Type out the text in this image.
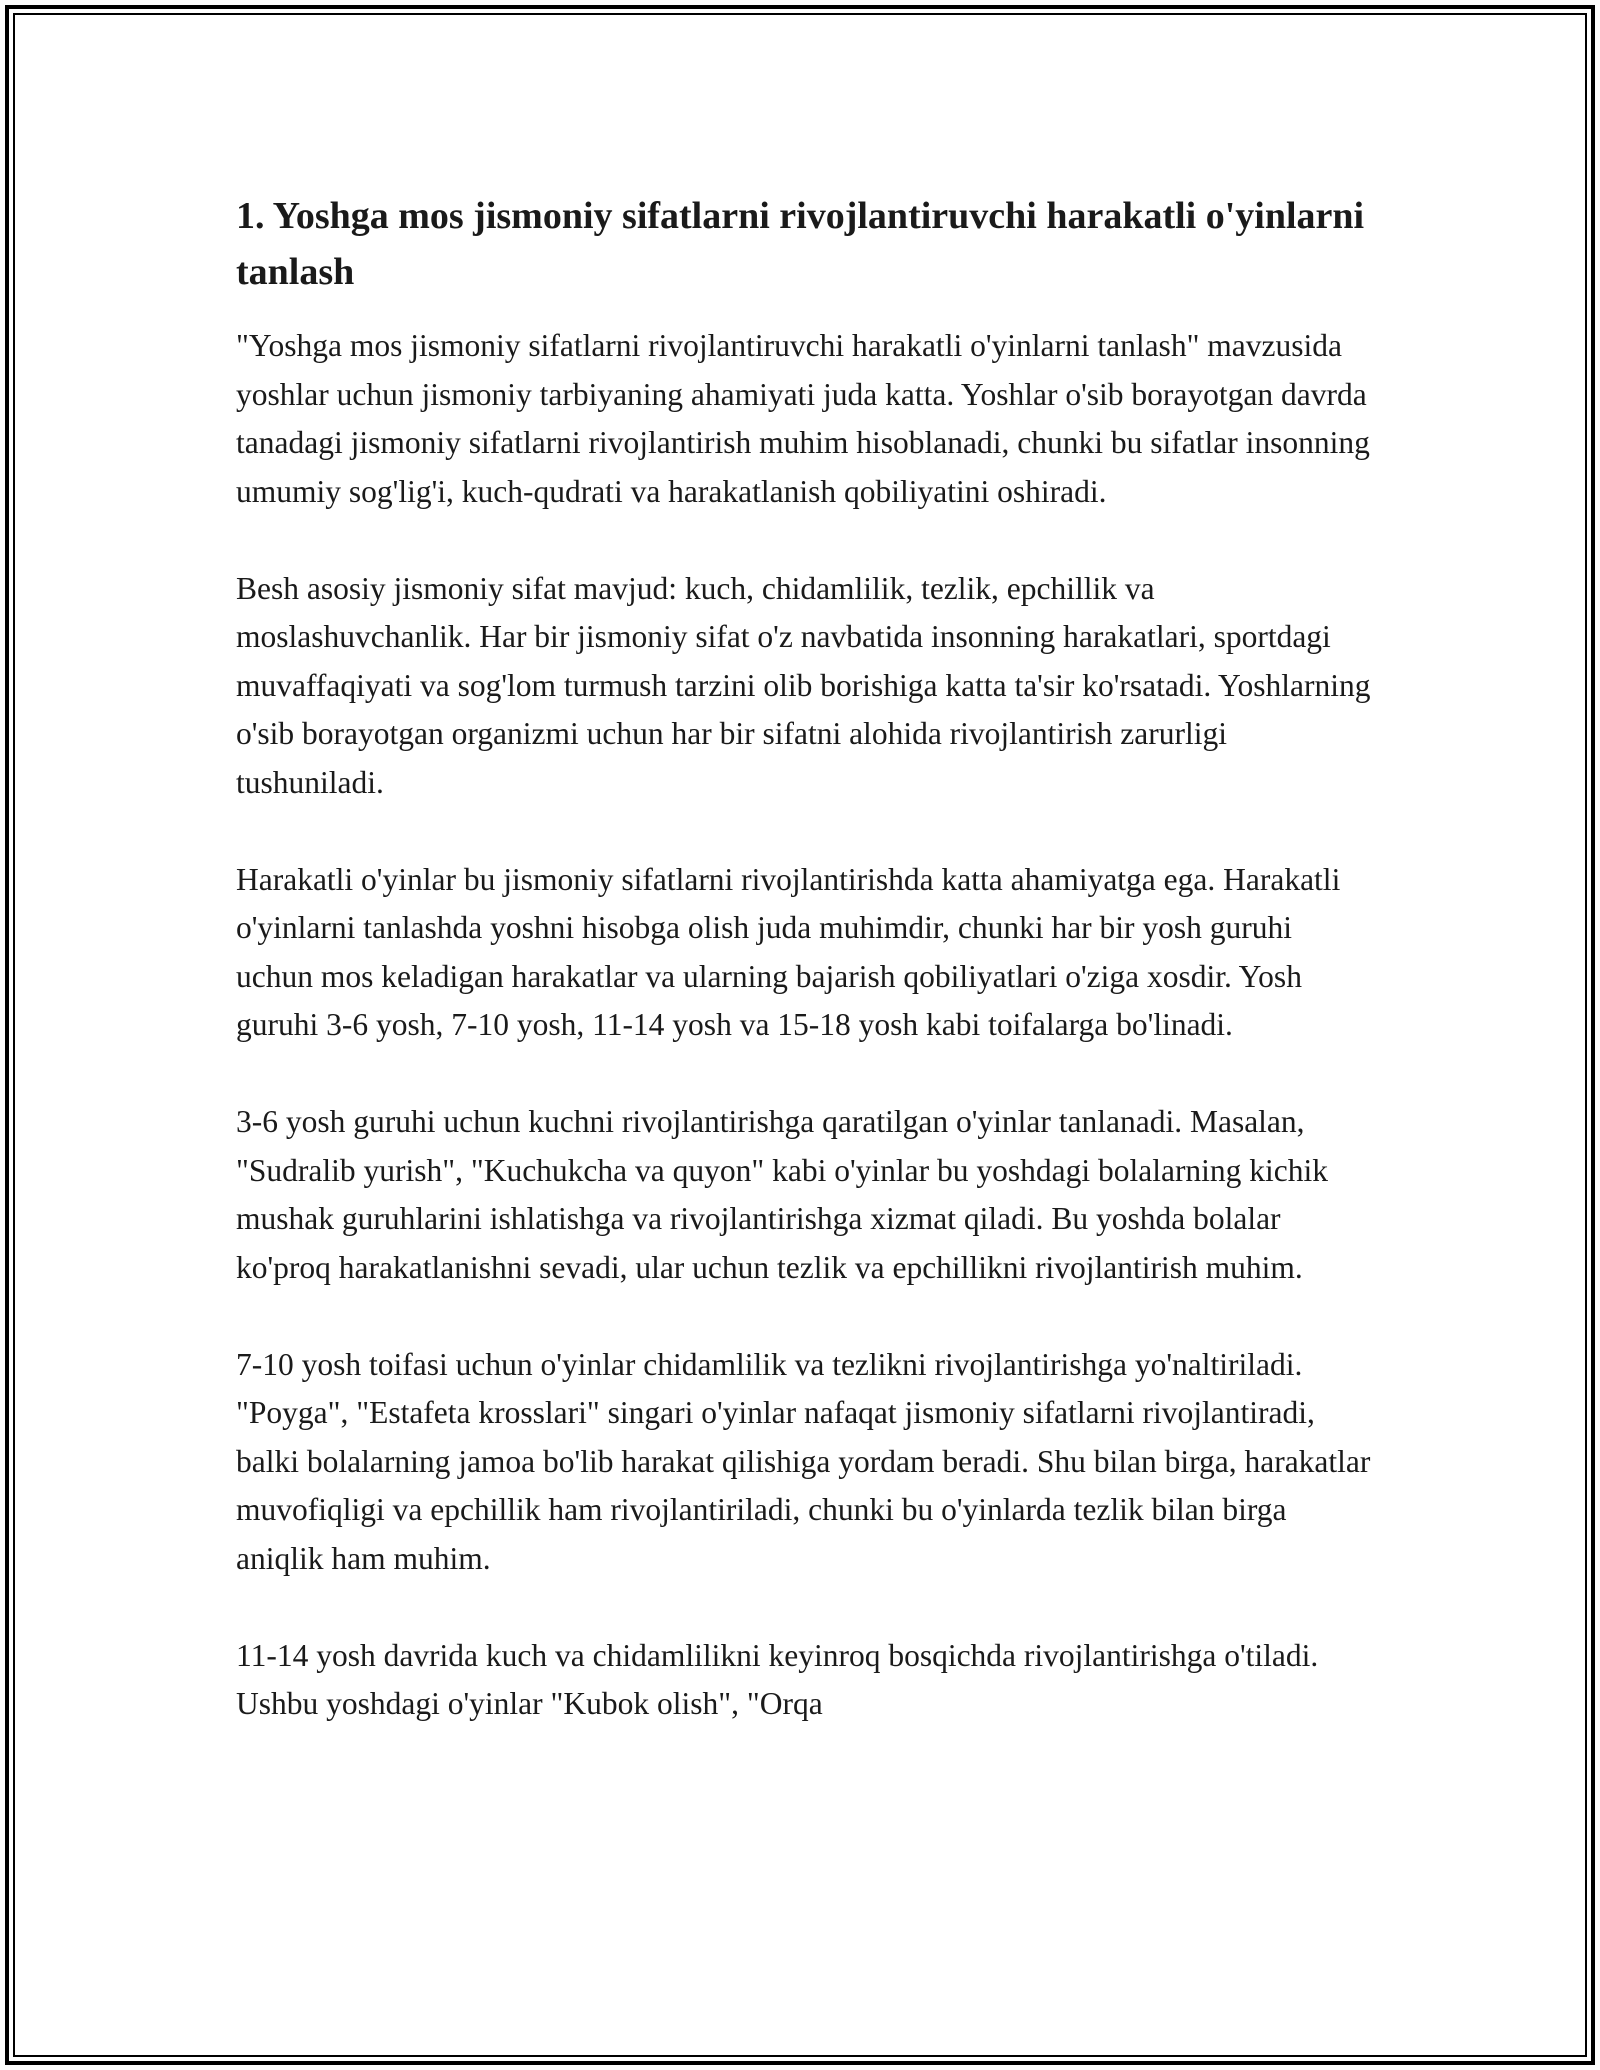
1. Yoshga mos jismoniy sifatlarni rivojlantiruvchi harakatli o'yinlarni tanlash

"Yoshga mos jismoniy sifatlarni rivojlantiruvchi harakatli o'yinlarni tanlash" mavzusida yoshlar uchun jismoniy tarbiyaning ahamiyati juda katta. Yoshlar o'sib borayotgan davrda tanadagi jismoniy sifatlarni rivojlantirish muhim hisoblanadi, chunki bu sifatlar insonning umumiy sog'lig'i, kuch-qudrati va harakatlanish qobiliyatini oshiradi.

Besh asosiy jismoniy sifat mavjud: kuch, chidamlilik, tezlik, epchillik va moslashuvchanlik. Har bir jismoniy sifat o'z navbatida insonning harakatlari, sportdagi muvaffaqiyati va sog'lom turmush tarzini olib borishiga katta ta'sir ko'rsatadi. Yoshlarning o'sib borayotgan organizmi uchun har bir sifatni alohida rivojlantirish zarurligi tushuniladi.

Harakatli o'yinlar bu jismoniy sifatlarni rivojlantirishda katta ahamiyatga ega. Harakatli o'yinlarni tanlashda yoshni hisobga olish juda muhimdir, chunki har bir yosh guruhi uchun mos keladigan harakatlar va ularning bajarish qobiliyatlari o'ziga xosdir. Yosh guruhi 3-6 yosh, 7-10 yosh, 11-14 yosh va 15-18 yosh kabi toifalarga bo'linadi.

3-6 yosh guruhi uchun kuchni rivojlantirishga qaratilgan o'yinlar tanlanadi. Masalan, "Sudralib yurish", "Kuchukcha va quyon" kabi o'yinlar bu yoshdagi bolalarning kichik mushak guruhlarini ishlatishga va rivojlantirishga xizmat qiladi. Bu yoshda bolalar ko'proq harakatlanishni sevadi, ular uchun tezlik va epchillikni rivojlantirish muhim.

7-10 yosh toifasi uchun o'yinlar chidamlilik va tezlikni rivojlantirishga yo'naltiriladi. "Poyga", "Estafeta krosslari" singari o'yinlar nafaqat jismoniy sifatlarni rivojlantiradi, balki bolalarning jamoa bo'lib harakat qilishiga yordam beradi. Shu bilan birga, harakatlar muvofiqligi va epchillik ham rivojlantiriladi, chunki bu o'yinlarda tezlik bilan birga aniqlik ham muhim.

11-14 yosh davrida kuch va chidamlilikni keyinroq bosqichda rivojlantirishga o'tiladi. Ushbu yoshdagi o'yinlar "Kubok olish", "Orqa
